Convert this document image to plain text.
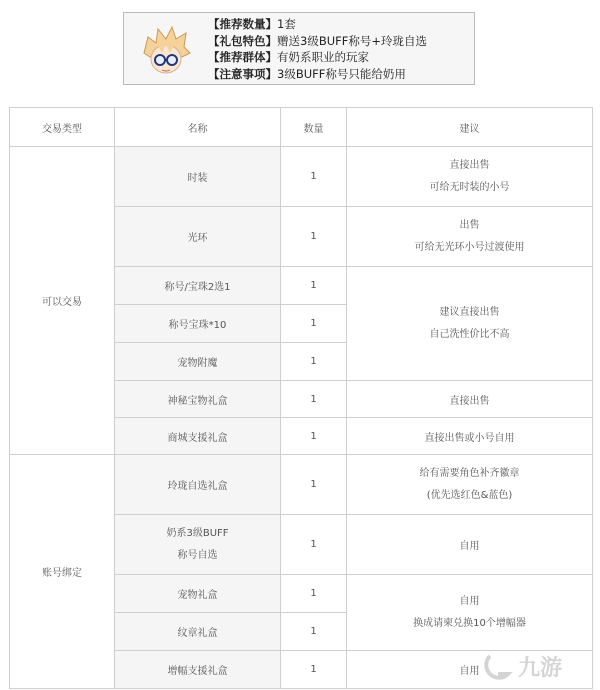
【推荐数量】1套
【礼包特色】赠送3级BUFF称号+玲珑自选
【推荐群体】有奶系职业的玩家
【注意事项】3级BUFF称号只能给奶用
交易类型	名称	数量	建议
可以交易	时装	1	直接出售
可给无时装的小号

	光环	1	出售
可给无光环小号过渡使用

	称号/宝珠2选1	1	建议直接出售
自己洗性价比不高

	称号宝珠*10	1	
	宠物附魔	1	
	神秘宝物礼盒	1	直接出售
	商城支援礼盒	1	直接出售或小号自用
账号绑定	玲珑自选礼盒	1	给有需要角色补齐徽章
(优先选红色&蓝色)

	奶系3级BUFF
称号自选	1	自用
	宠物礼盒	1	自用
换成请柬兑换10个增幅器

	纹章礼盒	1	
	增幅支援礼盒	1	自用 九游
